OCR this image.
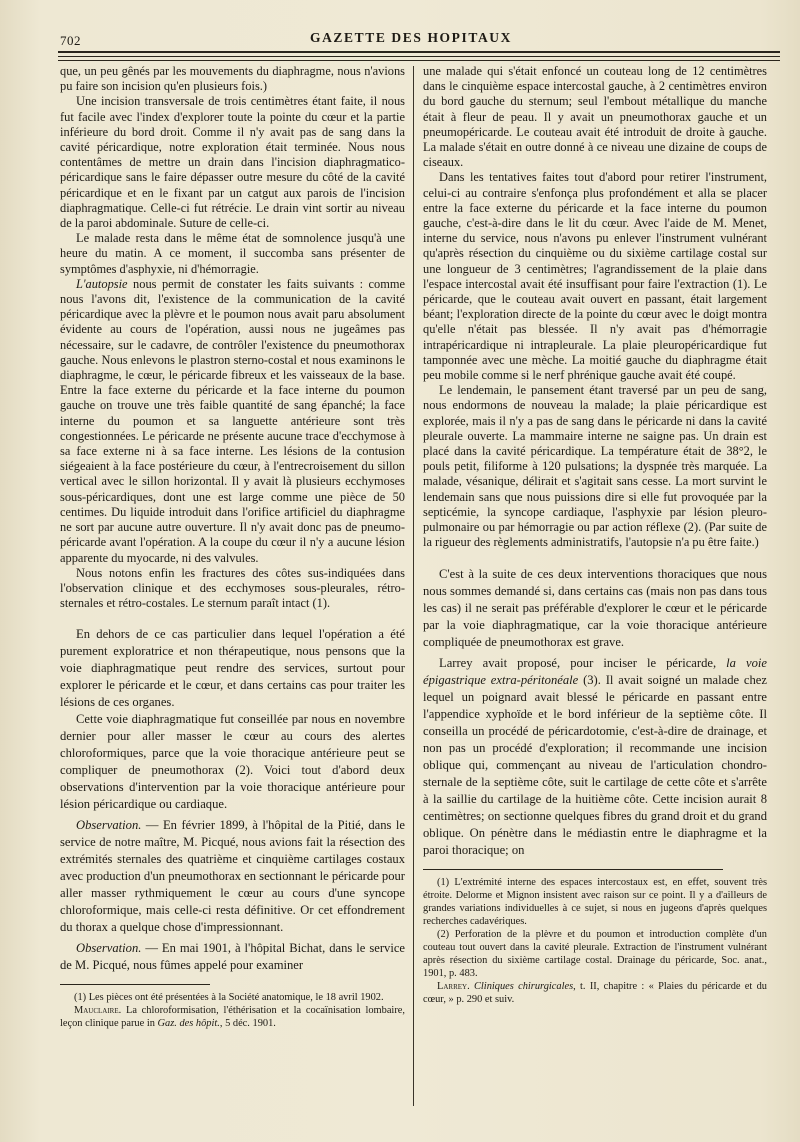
702	GAZETTE DES HOPITAUX

que, un peu gênés par les mouvements du diaphragme, nous n'avions pu faire son incision qu'en plusieurs fois.)

Une incision transversale de trois centimètres étant faite, il nous fut facile avec l'index d'explorer toute la pointe du cœur et la partie inférieure du bord droit. Comme il n'y avait pas de sang dans la cavité péricardique, notre exploration était terminée. Nous nous contentâmes de mettre un drain dans l'incision diaphragmatico-péricardique sans le faire dépasser outre mesure du côté de la cavité péricardique et en le fixant par un catgut aux parois de l'incision diaphragmatique. Celle-ci fut rétrécie. Le drain vint sortir au niveau de la paroi abdominale. Suture de celle-ci.

Le malade resta dans le même état de somnolence jusqu'à une heure du matin. A ce moment, il succomba sans présenter de symptômes d'asphyxie, ni d'hémorragie.

L'autopsie nous permit de constater les faits suivants : comme nous l'avons dit, l'existence de la communication de la cavité péricardique avec la plèvre et le poumon nous avait paru absolument évidente au cours de l'opération, aussi nous ne jugeâmes pas nécessaire, sur le cadavre, de contrôler l'existence du pneumothorax gauche. Nous enlevons le plastron sterno-costal et nous examinons le diaphragme, le cœur, le péricarde fibreux et les vaisseaux de la base. Entre la face externe du péricarde et la face interne du poumon gauche on trouve une très faible quantité de sang épanché; la face interne du poumon et sa languette antérieure sont très congestionnées. Le péricarde ne présente aucune trace d'ecchymose à sa face externe ni à sa face interne. Les lésions de la contusion siégeaient à la face postérieure du cœur, à l'entrecroisement du sillon vertical avec le sillon horizontal. Il y avait là plusieurs ecchymoses sous-péricardiques, dont une est large comme une pièce de 50 centimes. Du liquide introduit dans l'orifice artificiel du diaphragme ne sort par aucune autre ouverture. Il n'y avait donc pas de pneumo-péricarde avant l'opération. A la coupe du cœur il n'y a aucune lésion apparente du myocarde, ni des valvules.

Nous notons enfin les fractures des côtes sus-indiquées dans l'observation clinique et des ecchymoses sous-pleurales, rétro-sternales et rétro-costales. Le sternum paraît intact (1).

En dehors de ce cas particulier dans lequel l'opération a été purement exploratrice et non thérapeutique, nous pensons que la voie diaphragmatique peut rendre des services, surtout pour explorer le péricarde et le cœur, et dans certains cas pour traiter les lésions de ces organes.

Cette voie diaphragmatique fut conseillée par nous en novembre dernier pour aller masser le cœur au cours des alertes chloroformiques, parce que la voie thoracique antérieure peut se compliquer de pneumothorax (2). Voici tout d'abord deux observations d'intervention par la voie thoracique antérieure pour lésion péricardique ou cardiaque.

Observation. — En février 1899, à l'hôpital de la Pitié, dans le service de notre maître, M. Picqué, nous avions fait la résection des extrémités sternales des quatrième et cinquième cartilages costaux avec production d'un pneumothorax en sectionnant le péricarde pour aller masser rythmiquement le cœur au cours d'une syncope chloroformique, mais celle-ci resta définitive. Or cet effondrement du thorax a quelque chose d'impressionnant.

Observation. — En mai 1901, à l'hôpital Bichat, dans le service de M. Picqué, nous fûmes appelé pour examiner

(1) Les pièces ont été présentées à la Société anatomique, le 18 avril 1902.

Mauclaire. La chloroformisation, l'éthérisation et la cocaïnisation lombaire, leçon clinique parue in Gaz. des hôpit., 5 déc. 1901.

une malade qui s'était enfoncé un couteau long de 12 centimètres dans le cinquième espace intercostal gauche, à 2 centimètres environ du bord gauche du sternum; seul l'embout métallique du manche était à fleur de peau. Il y avait un pneumothorax gauche et un pneumopéricarde. Le couteau avait été introduit de droite à gauche. La malade s'était en outre donné à ce niveau une dizaine de coups de ciseaux.

Dans les tentatives faites tout d'abord pour retirer l'instrument, celui-ci au contraire s'enfonça plus profondément et alla se placer entre la face externe du péricarde et la face interne du poumon gauche, c'est-à-dire dans le lit du cœur. Avec l'aide de M. Menet, interne du service, nous n'avons pu enlever l'instrument vulnérant qu'après résection du cinquième ou du sixième cartilage costal sur une longueur de 3 centimètres; l'agrandissement de la plaie dans l'espace intercostal avait été insuffisant pour faire l'extraction (1). Le péricarde, que le couteau avait ouvert en passant, était largement béant; l'exploration directe de la pointe du cœur avec le doigt montra qu'elle n'était pas blessée. Il n'y avait pas d'hémorragie intrapéricardique ni intrapleurale. La plaie pleuropéricardique fut tamponnée avec une mèche. La moitié gauche du diaphragme était peu mobile comme si le nerf phrénique gauche avait été coupé.

Le lendemain, le pansement étant traversé par un peu de sang, nous endormons de nouveau la malade; la plaie péricardique est explorée, mais il n'y a pas de sang dans le péricarde ni dans la cavité pleurale ouverte. La mammaire interne ne saigne pas. Un drain est placé dans la cavité péricardique. La température était de 38°2, le pouls petit, filiforme à 120 pulsations; la dyspnée très marquée. La malade, vésanique, délirait et s'agitait sans cesse. La mort survint le lendemain sans que nous puissions dire si elle fut provoquée par la septicémie, la syncope cardiaque, l'asphyxie par lésion pleuro-pulmonaire ou par hémorragie ou par action réflexe (2). (Par suite de la rigueur des règlements administratifs, l'autopsie n'a pu être faite.)

C'est à la suite de ces deux interventions thoraciques que nous nous sommes demandé si, dans certains cas (mais non pas dans tous les cas) il ne serait pas préférable d'explorer le cœur et le péricarde par la voie diaphragmatique, car la voie thoracique antérieure compliquée de pneumothorax est grave.

Larrey avait proposé, pour inciser le péricarde, la voie épigastrique extra-péritonéale (3). Il avait soigné un malade chez lequel un poignard avait blessé le péricarde en passant entre l'appendice xyphoïde et le bord inférieur de la septième côte. Il conseilla un procédé de péricardotomie, c'est-à-dire de drainage, et non pas un procédé d'exploration; il recommande une incision oblique qui, commençant au niveau de l'articulation chondro-sternale de la septième côte, suit le cartilage de cette côte et s'arrête à la saillie du cartilage de la huitième côte. Cette incision aurait 8 centimètres; on sectionne quelques fibres du grand droit et du grand oblique. On pénètre dans le médiastin entre le diaphragme et la paroi thoracique; on

(1) L'extrémité interne des espaces intercostaux est, en effet, souvent très étroite. Delorme et Mignon insistent avec raison sur ce point. Il y a d'ailleurs de grandes variations individuelles à ce sujet, si nous en jugeons d'après quelques recherches cadavériques.

(2) Perforation de la plèvre et du poumon et introduction complète d'un couteau tout ouvert dans la cavité pleurale. Extraction de l'instrument vulnérant après résection du sixième cartilage costal. Drainage du péricarde, Soc. anat., 1901, p. 483.

Larrey. Cliniques chirurgicales, t. II, chapitre : « Plaies du péricarde et du cœur, » p. 290 et suiv.
